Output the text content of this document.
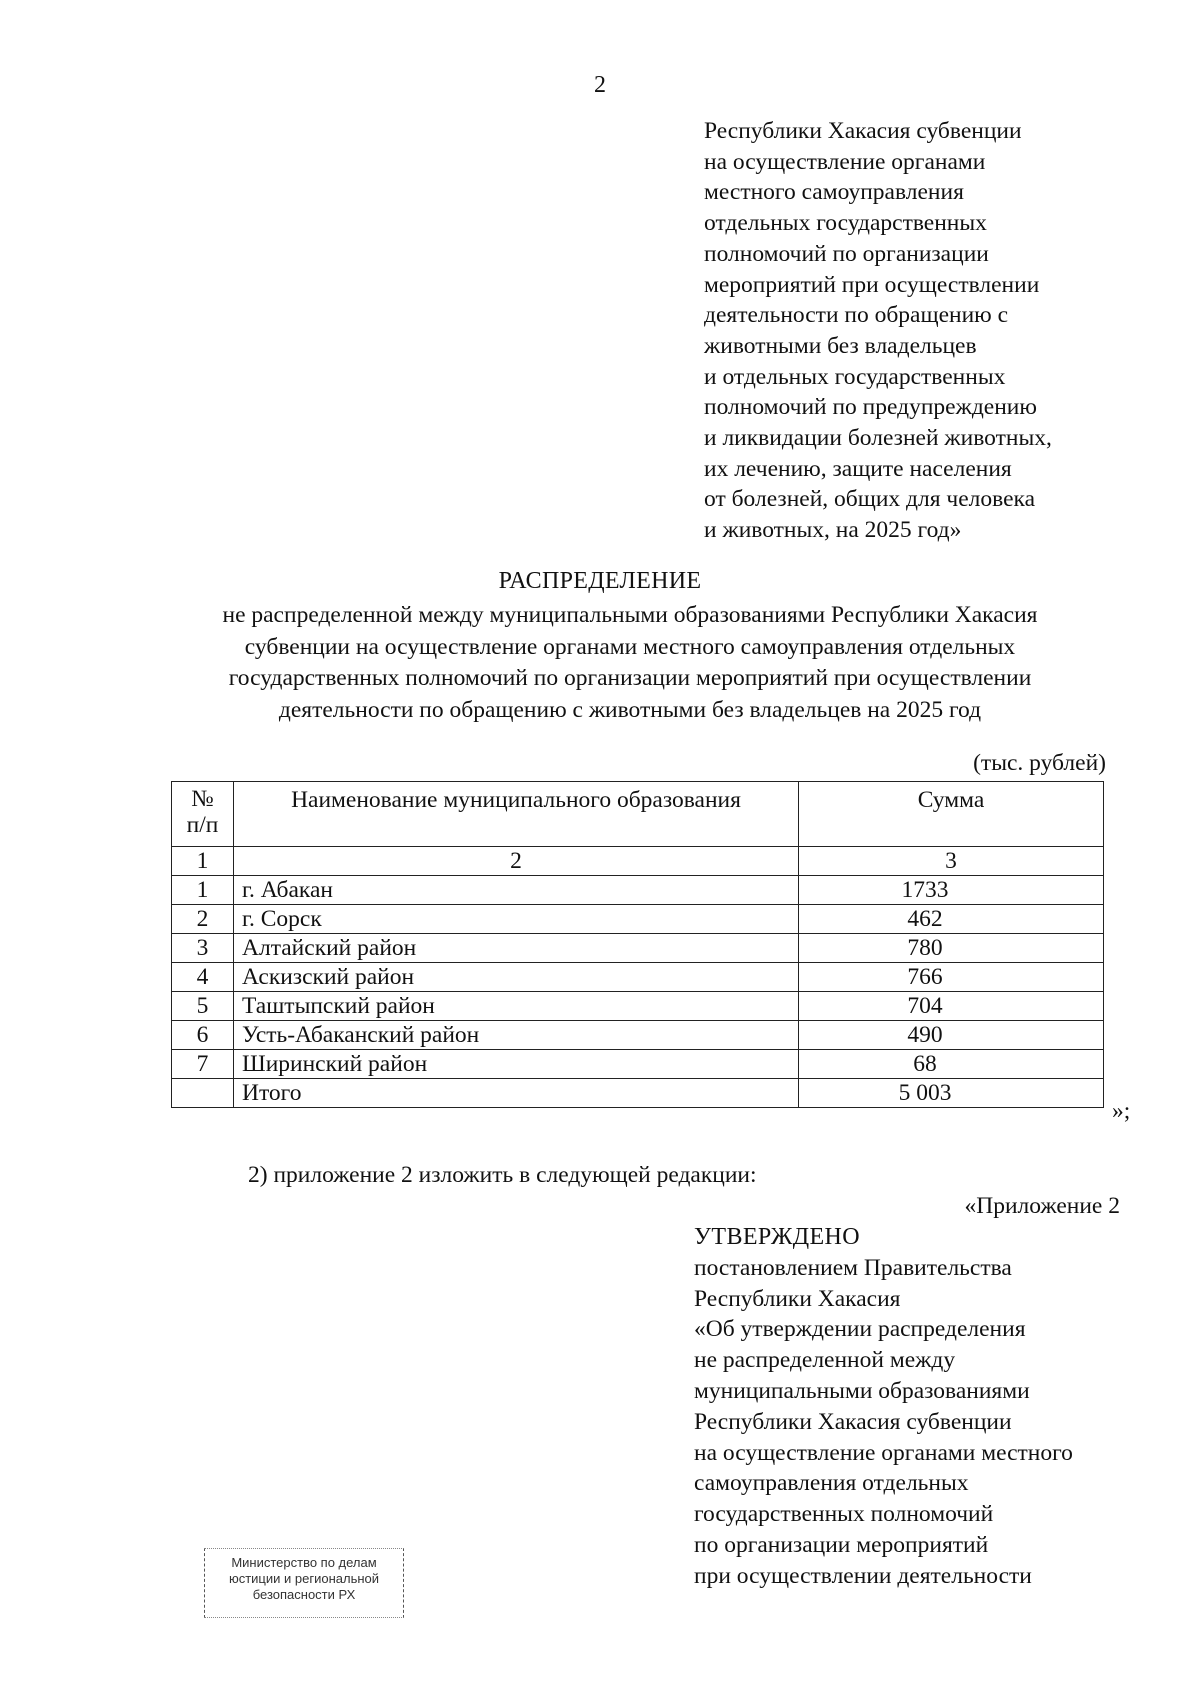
2
Республики Хакасия субвенции
на осуществление органами
местного самоуправления
отдельных государственных
полномочий по организации
мероприятий при осуществлении
деятельности по обращению с
животными без владельцев
и отдельных государственных
полномочий по предупреждению
и ликвидации болезней животных,
их лечению, защите населения
от болезней, общих для человека
и животных, на 2025 год»
РАСПРЕДЕЛЕНИЕ
не распределенной между муниципальными образованиями Республики Хакасия
субвенции на осуществление органами местного самоуправления отдельных
государственных полномочий по организации мероприятий при осуществлении
деятельности по обращению с животными без владельцев на 2025 год
(тыс. рублей)
№
п/п	Наименование муниципального образования	Сумма
1	2	3
1	г. Абакан	1733
2	г. Сорск	462
3	Алтайский район	780
4	Аскизский район	766
5	Таштыпский район	704
6	Усть-Абаканский район	490
7	Ширинский район	68
	Итого	5 003
»;
2) приложение 2 изложить в следующей редакции:
«Приложение 2
УТВЕРЖДЕНО
постановлением Правительства
Республики Хакасия
«Об утверждении распределения
не распределенной между
муниципальными образованиями
Республики Хакасия субвенции
на осуществление органами местного
самоуправления отдельных
государственных полномочий
по организации мероприятий
при осуществлении деятельности
Министерство по делам
юстиции и региональной
безопасности РХ
